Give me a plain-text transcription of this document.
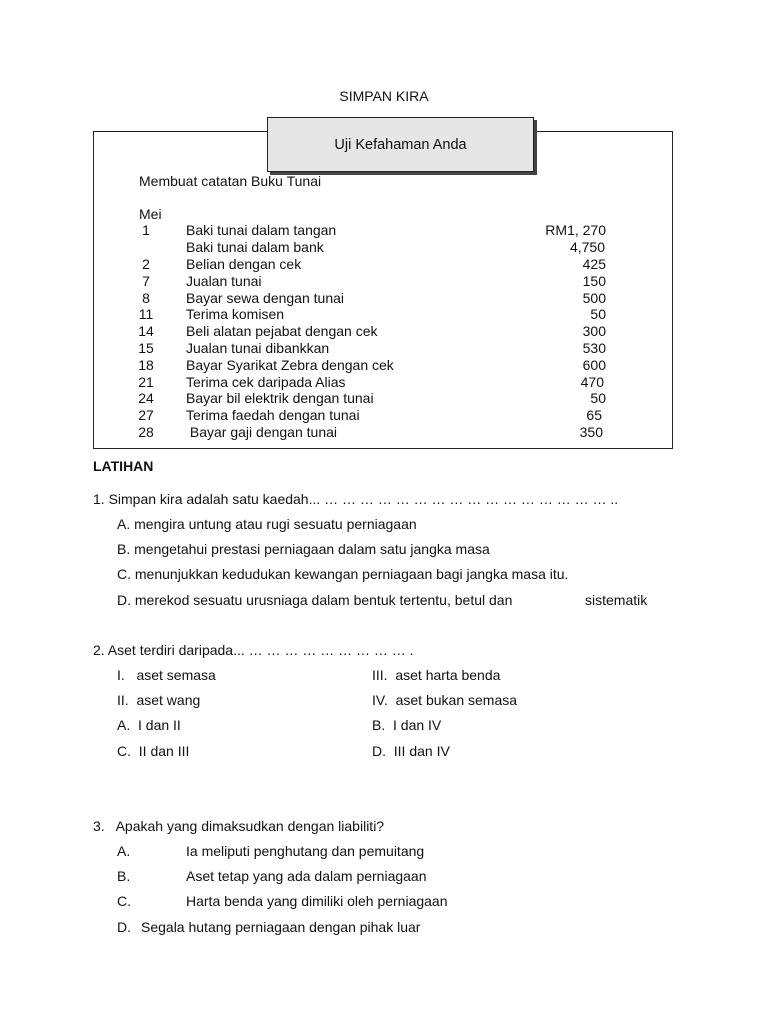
SIMPAN KIRA
Uji Kefahaman Anda
Membuat catatan Buku Tunai
Mei
1	Baki tunai dalam tangan	RM1, 270
Baki tunai dalam bank	4,750
2	Belian dengan cek	425
7	Jualan tunai	150
8	Bayar sewa dengan tunai	500
11 Terima komisen	50
14 Beli alatan pejabat dengan cek	300
15 Jualan tunai dibankkan	530
18 Bayar Syarikat Zebra dengan cek	600
21 Terima cek daripada Alias	470
24 Bayar bil elektrik dengan tunai	50
27 Terima faedah dengan tunai	65
28 Bayar gaji dengan tunai	350
LATIHAN
1. Simpan kira adalah satu kaedah... … … … … … … … … … … … … … … … … ..
A. mengira untung atau rugi sesuatu perniagaan
B. mengetahui prestasi perniagaan dalam satu jangka masa
C. menunjukkan kedudukan kewangan perniagaan bagi jangka masa itu.
D. merekod sesuatu urusniaga dalam bentuk tertentu, betul dan	sistematik
2. Aset terdiri daripada... … … … … … … … … … .
I.   aset semasa	III.  aset harta benda
II.  aset wang	IV.  aset bukan semasa
A.  I dan II	B.  I dan IV
C.  II dan III	D.  III dan IV
3.   Apakah yang dimaksudkan dengan liabiliti?
A.	Ia meliputi penghutang dan pemuitang
B.	Aset tetap yang ada dalam perniagaan
C.	Harta benda yang dimiliki oleh perniagaan
D. Segala hutang perniagaan dengan pihak luar
